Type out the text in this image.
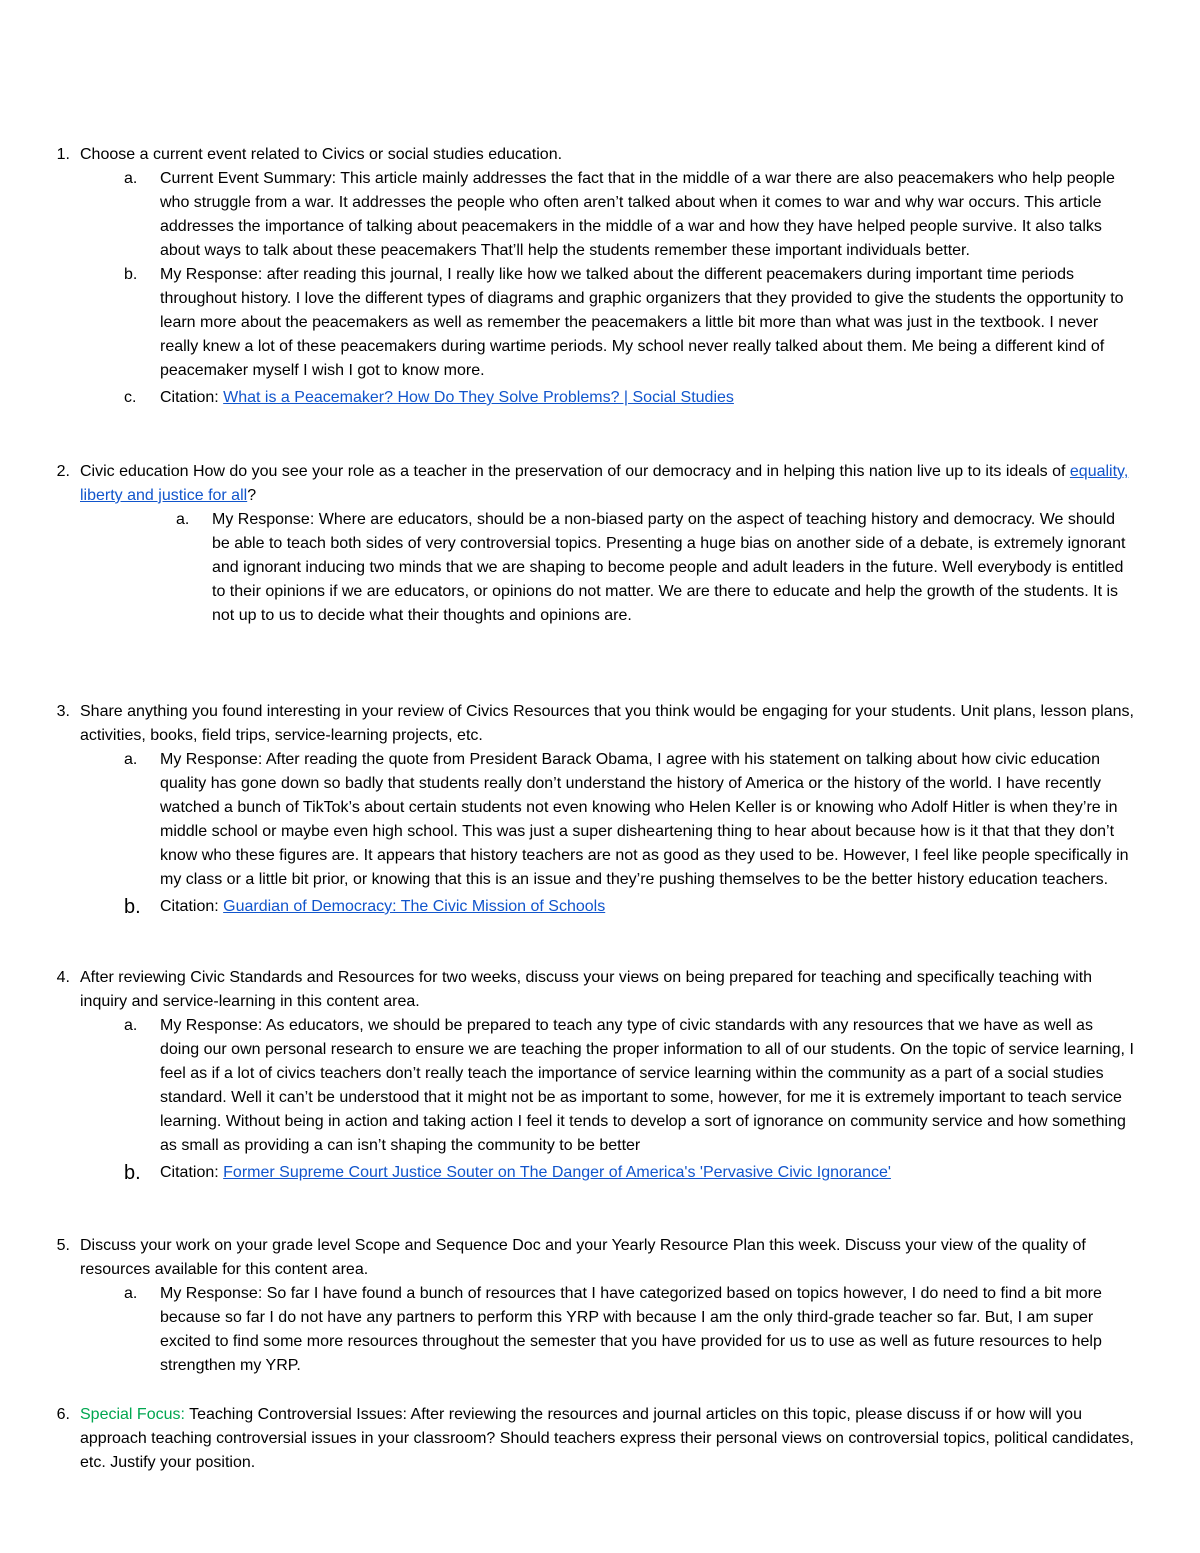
1. Choose a current event related to Civics or social studies education.
a. Current Event Summary: This article mainly addresses the fact that in the middle of a war there are also peacemakers who help people who struggle from a war. It addresses the people who often aren’t talked about when it comes to war and why war occurs. This article addresses the importance of talking about peacemakers in the middle of a war and how they have helped people survive. It also talks about ways to talk about these peacemakers That’ll help the students remember these important individuals better.
b. My Response: after reading this journal, I really like how we talked about the different peacemakers during important time periods throughout history. I love the different types of diagrams and graphic organizers that they provided to give the students the opportunity to learn more about the peacemakers as well as remember the peacemakers a little bit more than what was just in the textbook. I never really knew a lot of these peacemakers during wartime periods. My school never really talked about them. Me being a different kind of peacemaker myself I wish I got to know more.
c. Citation: What is a Peacemaker? How Do They Solve Problems? | Social Studies
2. Civic education How do you see your role as a teacher in the preservation of our democracy and in helping this nation live up to its ideals of equality, liberty and justice for all?
a. My Response: Where are educators, should be a non-biased party on the aspect of teaching history and democracy. We should be able to teach both sides of very controversial topics. Presenting a huge bias on another side of a debate, is extremely ignorant and ignorant inducing two minds that we are shaping to become people and adult leaders in the future. Well everybody is entitled to their opinions if we are educators, or opinions do not matter. We are there to educate and help the growth of the students. It is not up to us to decide what their thoughts and opinions are.
3. Share anything you found interesting in your review of Civics Resources that you think would be engaging for your students. Unit plans, lesson plans, activities, books, field trips, service-learning projects, etc.
a. My Response: After reading the quote from President Barack Obama, I agree with his statement on talking about how civic education quality has gone down so badly that students really don’t understand the history of America or the history of the world. I have recently watched a bunch of TikTok’s about certain students not even knowing who Helen Keller is or knowing who Adolf Hitler is when they’re in middle school or maybe even high school. This was just a super disheartening thing to hear about because how is it that that they don’t know who these figures are. It appears that history teachers are not as good as they used to be. However, I feel like people specifically in my class or a little bit prior, or knowing that this is an issue and they’re pushing themselves to be the better history education teachers.
b. Citation: Guardian of Democracy: The Civic Mission of Schools
4. After reviewing Civic Standards and Resources for two weeks, discuss your views on being prepared for teaching and specifically teaching with inquiry and service-learning in this content area.
a. My Response: As educators, we should be prepared to teach any type of civic standards with any resources that we have as well as doing our own personal research to ensure we are teaching the proper information to all of our students. On the topic of service learning, I feel as if a lot of civics teachers don’t really teach the importance of service learning within the community as a part of a social studies standard. Well it can’t be understood that it might not be as important to some, however, for me it is extremely important to teach service learning. Without being in action and taking action I feel it tends to develop a sort of ignorance on community service and how something as small as providing a can isn’t shaping the community to be better
b. Citation: Former Supreme Court Justice Souter on The Danger of America's 'Pervasive Civic Ignorance'
5. Discuss your work on your grade level Scope and Sequence Doc and your Yearly Resource Plan this week. Discuss your view of the quality of resources available for this content area.
a. My Response: So far I have found a bunch of resources that I have categorized based on topics however, I do need to find a bit more because so far I do not have any partners to perform this YRP with because I am the only third-grade teacher so far. But, I am super excited to find some more resources throughout the semester that you have provided for us to use as well as future resources to help strengthen my YRP.
6. Special Focus: Teaching Controversial Issues: After reviewing the resources and journal articles on this topic, please discuss if or how will you approach teaching controversial issues in your classroom? Should teachers express their personal views on controversial topics, political candidates, etc. Justify your position.
